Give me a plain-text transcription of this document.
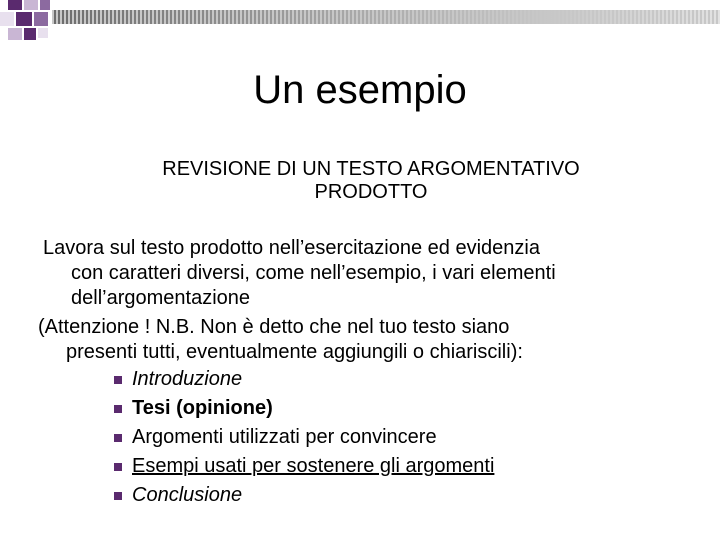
Un esempio
REVISIONE DI UN TESTO ARGOMENTATIVO
PRODOTTO
Lavora sul testo prodotto nell’esercitazione ed evidenzia
con caratteri diversi, come nell’esempio, i vari elementi
dell’argomentazione
(Attenzione ! N.B. Non è detto che nel tuo testo siano
presenti tutti, eventualmente aggiungili o chiariscili):
Introduzione
Tesi (opinione)
Argomenti utilizzati per convincere
Esempi usati per sostenere gli argomenti
Conclusione
